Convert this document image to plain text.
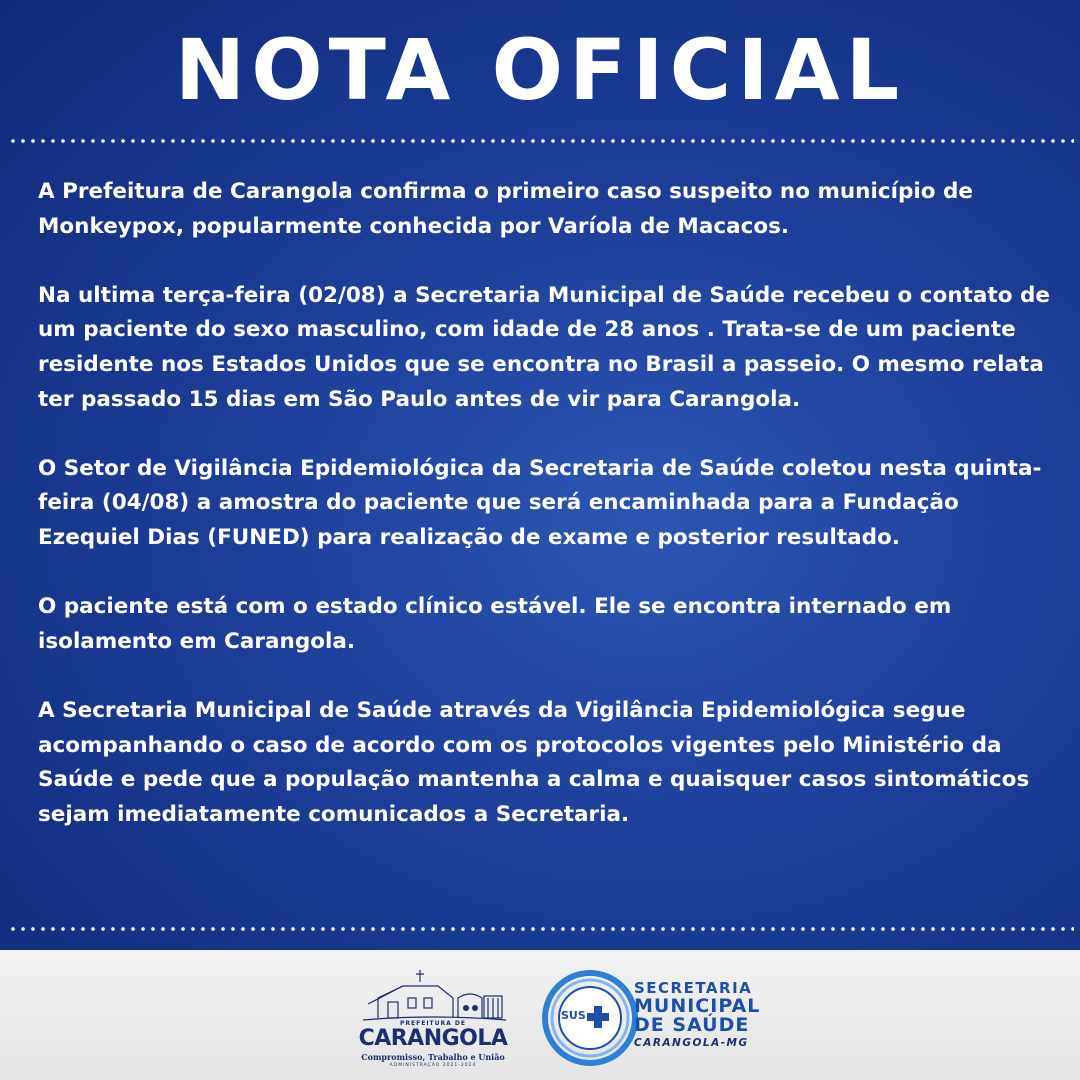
NOTA OFICIAL

A Prefeitura de Carangola confirma o primeiro caso suspeito no município de Monkeypox, popularmente conhecida por Varíola de Macacos.

Na ultima terça-feira (02/08) a Secretaria Municipal de Saúde recebeu o contato de um paciente do sexo masculino, com idade de 28 anos . Trata-se de um paciente residente nos Estados Unidos que se encontra no Brasil a passeio. O mesmo relata ter passado 15 dias em São Paulo antes de vir para Carangola.

O Setor de Vigilância Epidemiológica da Secretaria de Saúde coletou nesta quinta-feira (04/08) a amostra do paciente que será encaminhada para a Fundação Ezequiel Dias (FUNED) para realização de exame e posterior resultado.

O paciente está com o estado clínico estável. Ele se encontra internado em isolamento em Carangola.

A Secretaria Municipal de Saúde através da Vigilância Epidemiológica segue acompanhando o caso de acordo com os protocolos vigentes pelo Ministério da Saúde e pede que a população mantenha a calma e quaisquer casos sintomáticos sejam imediatamente comunicados a Secretaria.

PREFEITURA DE
CARANGOLA
Compromisso, Trabalho e União
ADMINISTRAÇÃO 2021-2024
SUS
SECRETARIA
MUNICIPAL
DE SAÚDE
CARANGOLA-MG
